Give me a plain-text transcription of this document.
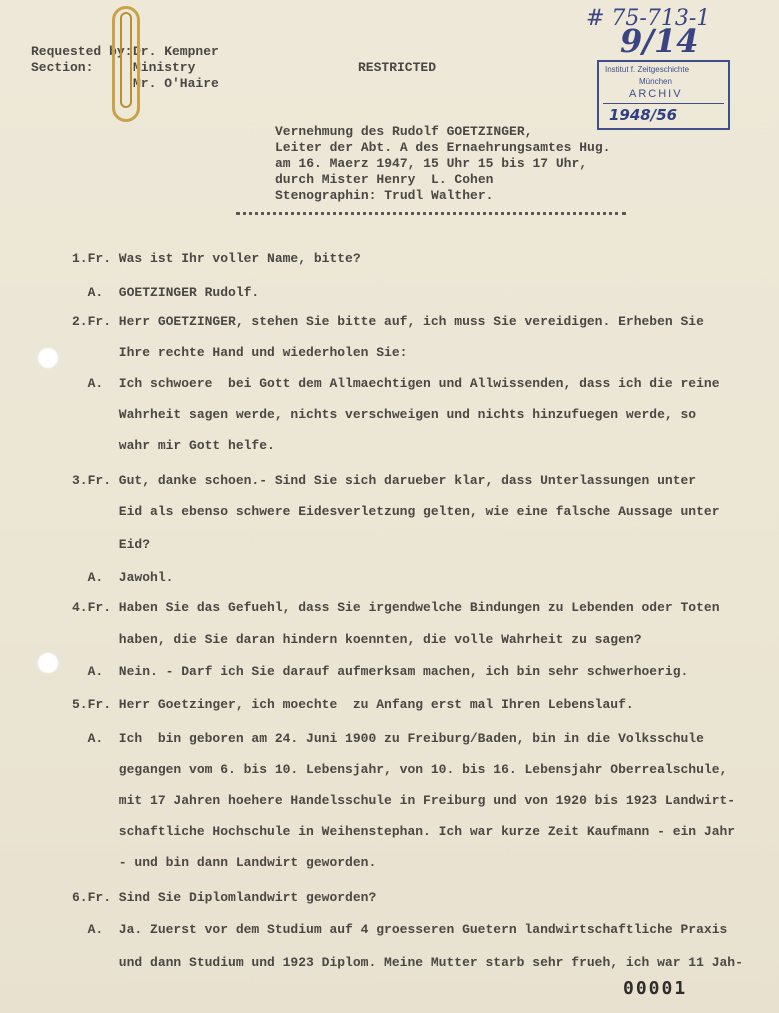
Requested by: Dr. Kempner
Section:	Ministry
Mr. O'Haire
RESTRICTED
# 75-713-1
9/14
Institut f. Zeitgeschichte
München
ARCHIV
1948/56
Vernehmung des Rudolf GOETZINGER,
Leiter der Abt. A des Ernaehrungsamtes Hug.
am 16. Maerz 1947, 15 Uhr 15 bis 17 Uhr,
durch Mister Henry  L. Cohen
Stenographin: Trudl Walther.
1.Fr. Was ist Ihr voller Name, bitte?
A.  GOETZINGER Rudolf.
2.Fr. Herr GOETZINGER, stehen Sie bitte auf, ich muss Sie vereidigen. Erheben Sie
Ihre rechte Hand und wiederholen Sie:
A.  Ich schwoere  bei Gott dem Allmaechtigen und Allwissenden, dass ich die reine
Wahrheit sagen werde, nichts verschweigen und nichts hinzufuegen werde, so
wahr mir Gott helfe.
3.Fr. Gut, danke schoen.- Sind Sie sich darueber klar, dass Unterlassungen unter
Eid als ebenso schwere Eidesverletzung gelten, wie eine falsche Aussage unter
Eid?
A.  Jawohl.
4.Fr. Haben Sie das Gefuehl, dass Sie irgendwelche Bindungen zu Lebenden oder Toten
haben, die Sie daran hindern koennten, die volle Wahrheit zu sagen?
A.  Nein. - Darf ich Sie darauf aufmerksam machen, ich bin sehr schwerhoerig.
5.Fr. Herr Goetzinger, ich moechte  zu Anfang erst mal Ihren Lebenslauf.
A.  Ich  bin geboren am 24. Juni 1900 zu Freiburg/Baden, bin in die Volksschule
gegangen vom 6. bis 10. Lebensjahr, von 10. bis 16. Lebensjahr Oberrealschule,
mit 17 Jahren hoehere Handelsschule in Freiburg und von 1920 bis 1923 Landwirt-
schaftliche Hochschule in Weihenstephan. Ich war kurze Zeit Kaufmann - ein Jahr
- und bin dann Landwirt geworden.
6.Fr. Sind Sie Diplomlandwirt geworden?
A.  Ja. Zuerst vor dem Studium auf 4 groesseren Guetern landwirtschaftliche Praxis
und dann Studium und 1923 Diplom. Meine Mutter starb sehr frueh, ich war 11 Jah-
00001
